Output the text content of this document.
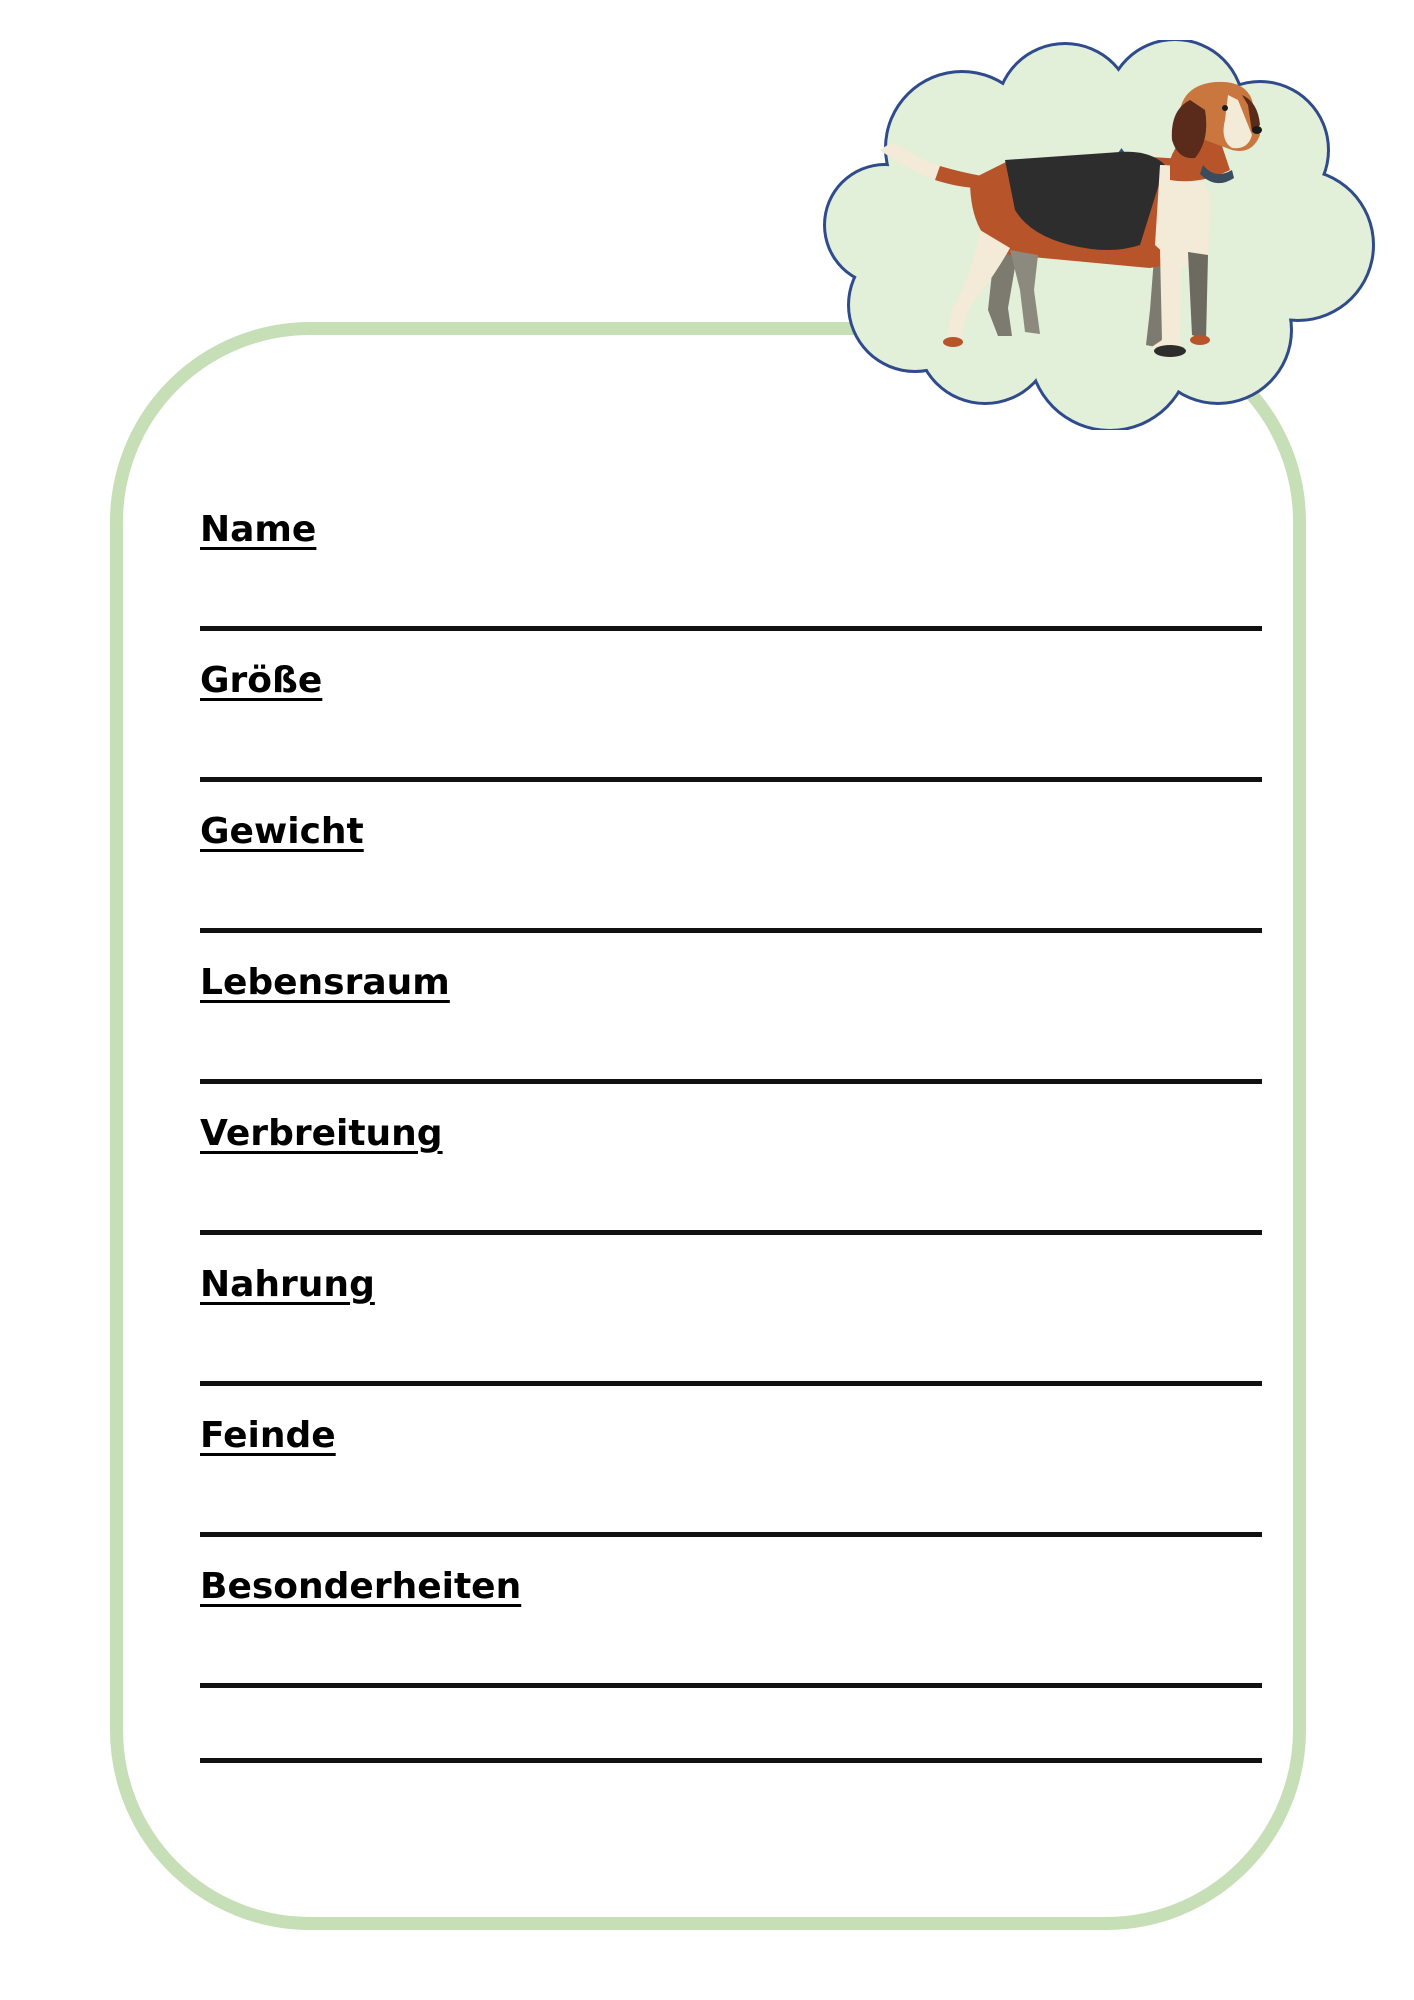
Name
Größe
Gewicht
Lebensraum
Verbreitung
Nahrung
Feinde
Besonderheiten
